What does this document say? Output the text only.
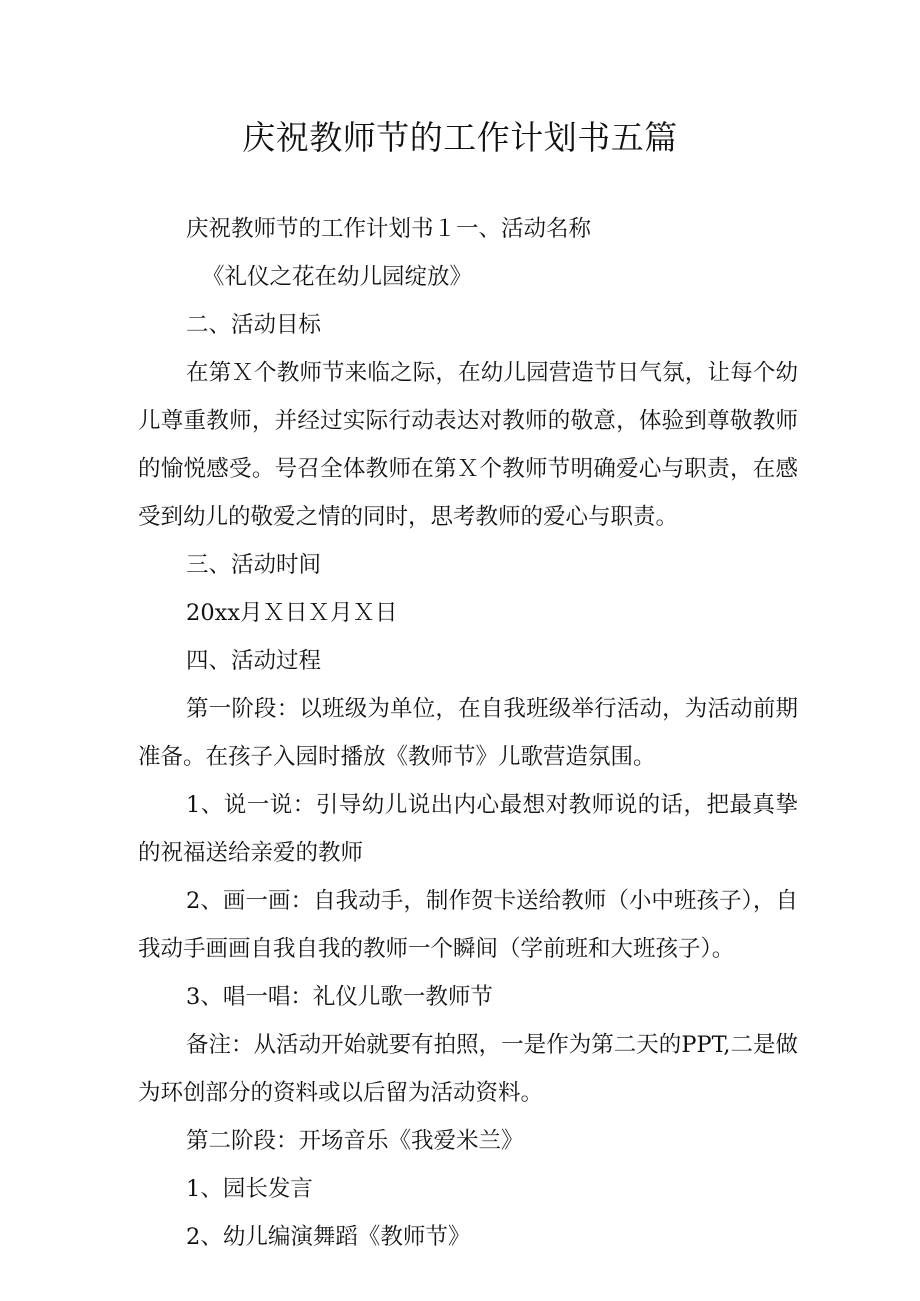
庆祝教师节的工作计划书五篇

庆祝教师节的工作计划书１一、活动名称

《礼仪之花在幼儿园绽放》

二、活动目标

在第Ｘ个教师节来临之际，在幼儿园营造节日气氛，让每个幼儿尊重教师，并经过实际行动表达对教师的敬意，体验到尊敬教师的愉悦感受。号召全体教师在第Ｘ个教师节明确爱心与职责，在感受到幼儿的敬爱之情的同时，思考教师的爱心与职责。

三、活动时间

20xx月Ｘ日Ｘ月Ｘ日

四、活动过程

第一阶段：以班级为单位，在自我班级举行活动，为活动前期准备。在孩子入园时播放《教师节》儿歌营造氛围。

1、说一说：引导幼儿说出内心最想对教师说的话，把最真挚的祝福送给亲爱的教师

2、画一画：自我动手，制作贺卡送给教师（小中班孩子），自我动手画画自我自我的教师一个瞬间（学前班和大班孩子）。

3、唱一唱：礼仪儿歌一教师节

备注：从活动开始就要有拍照，一是作为第二天的PPT,二是做为环创部分的资料或以后留为活动资料。

第二阶段：开场音乐《我爱米兰》

1、园长发言

2、幼儿编演舞蹈《教师节》
